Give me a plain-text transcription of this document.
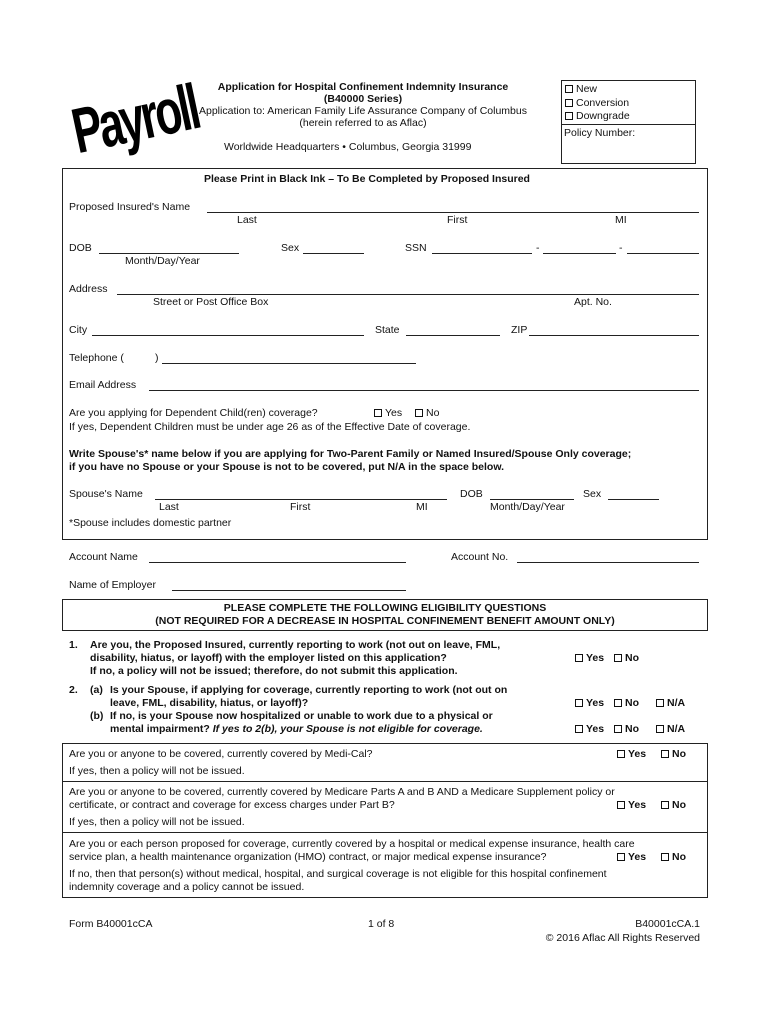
Payroll	Application for Hospital Confinement Indemnity Insurance
(B40000 Series)
Application to: American Family Life Assurance Company of Columbus
(herein referred to as Aflac)
Worldwide Headquarters • Columbus, Georgia 31999
New
Conversion
Downgrade
Policy Number:
Please Print in Black Ink – To Be Completed by Proposed Insured
Proposed Insured's Name
Last	First	MI
DOB
Month/Day/Year
Sex	SSN	-	-
Address
Street or Post Office Box	Apt. No.
City	State	ZIP
Telephone (	)
Email Address
Are you applying for Dependent Child(ren) coverage?	Yes	No
If yes, Dependent Children must be under age 26 as of the Effective Date of coverage.
Write Spouse's* name below if you are applying for Two-Parent Family or Named Insured/Spouse Only coverage;
if you have no Spouse or your Spouse is not to be covered, put N/A in the space below.
Spouse's Name
Last	First	MI
DOB
Month/Day/Year
Sex
*Spouse includes domestic partner
Account Name	Account No.
Name of Employer
PLEASE COMPLETE THE FOLLOWING ELIGIBILITY QUESTIONS
(NOT REQUIRED FOR A DECREASE IN HOSPITAL CONFINEMENT BENEFIT AMOUNT ONLY)
1. Are you, the Proposed Insured, currently reporting to work (not out on leave, FML,
disability, hiatus, or layoff) with the employer listed on this application?
If no, a policy will not be issued; therefore, do not submit this application.
Yes	No
2. (a) Is your Spouse, if applying for coverage, currently reporting to work (not out on
leave, FML, disability, hiatus, or layoff)?	Yes	No	N/A
(b) If no, is your Spouse now hospitalized or unable to work due to a physical or
mental impairment? If yes to 2(b), your Spouse is not eligible for coverage.	Yes	No	N/A
Are you or anyone to be covered, currently covered by Medi-Cal?	Yes	No
If yes, then a policy will not be issued.
Are you or anyone to be covered, currently covered by Medicare Parts A and B AND a Medicare Supplement policy or
certificate, or contract and coverage for excess charges under Part B?	Yes	No
If yes, then a policy will not be issued.
Are you or each person proposed for coverage, currently covered by a hospital or medical expense insurance, health care
service plan, a health maintenance organization (HMO) contract, or major medical expense insurance?	Yes	No
If no, then that person(s) without medical, hospital, and surgical coverage is not eligible for this hospital confinement
indemnity coverage and a policy cannot be issued.
Form B40001cCA	1 of 8	B40001cCA.1
© 2016 Aflac All Rights Reserved
